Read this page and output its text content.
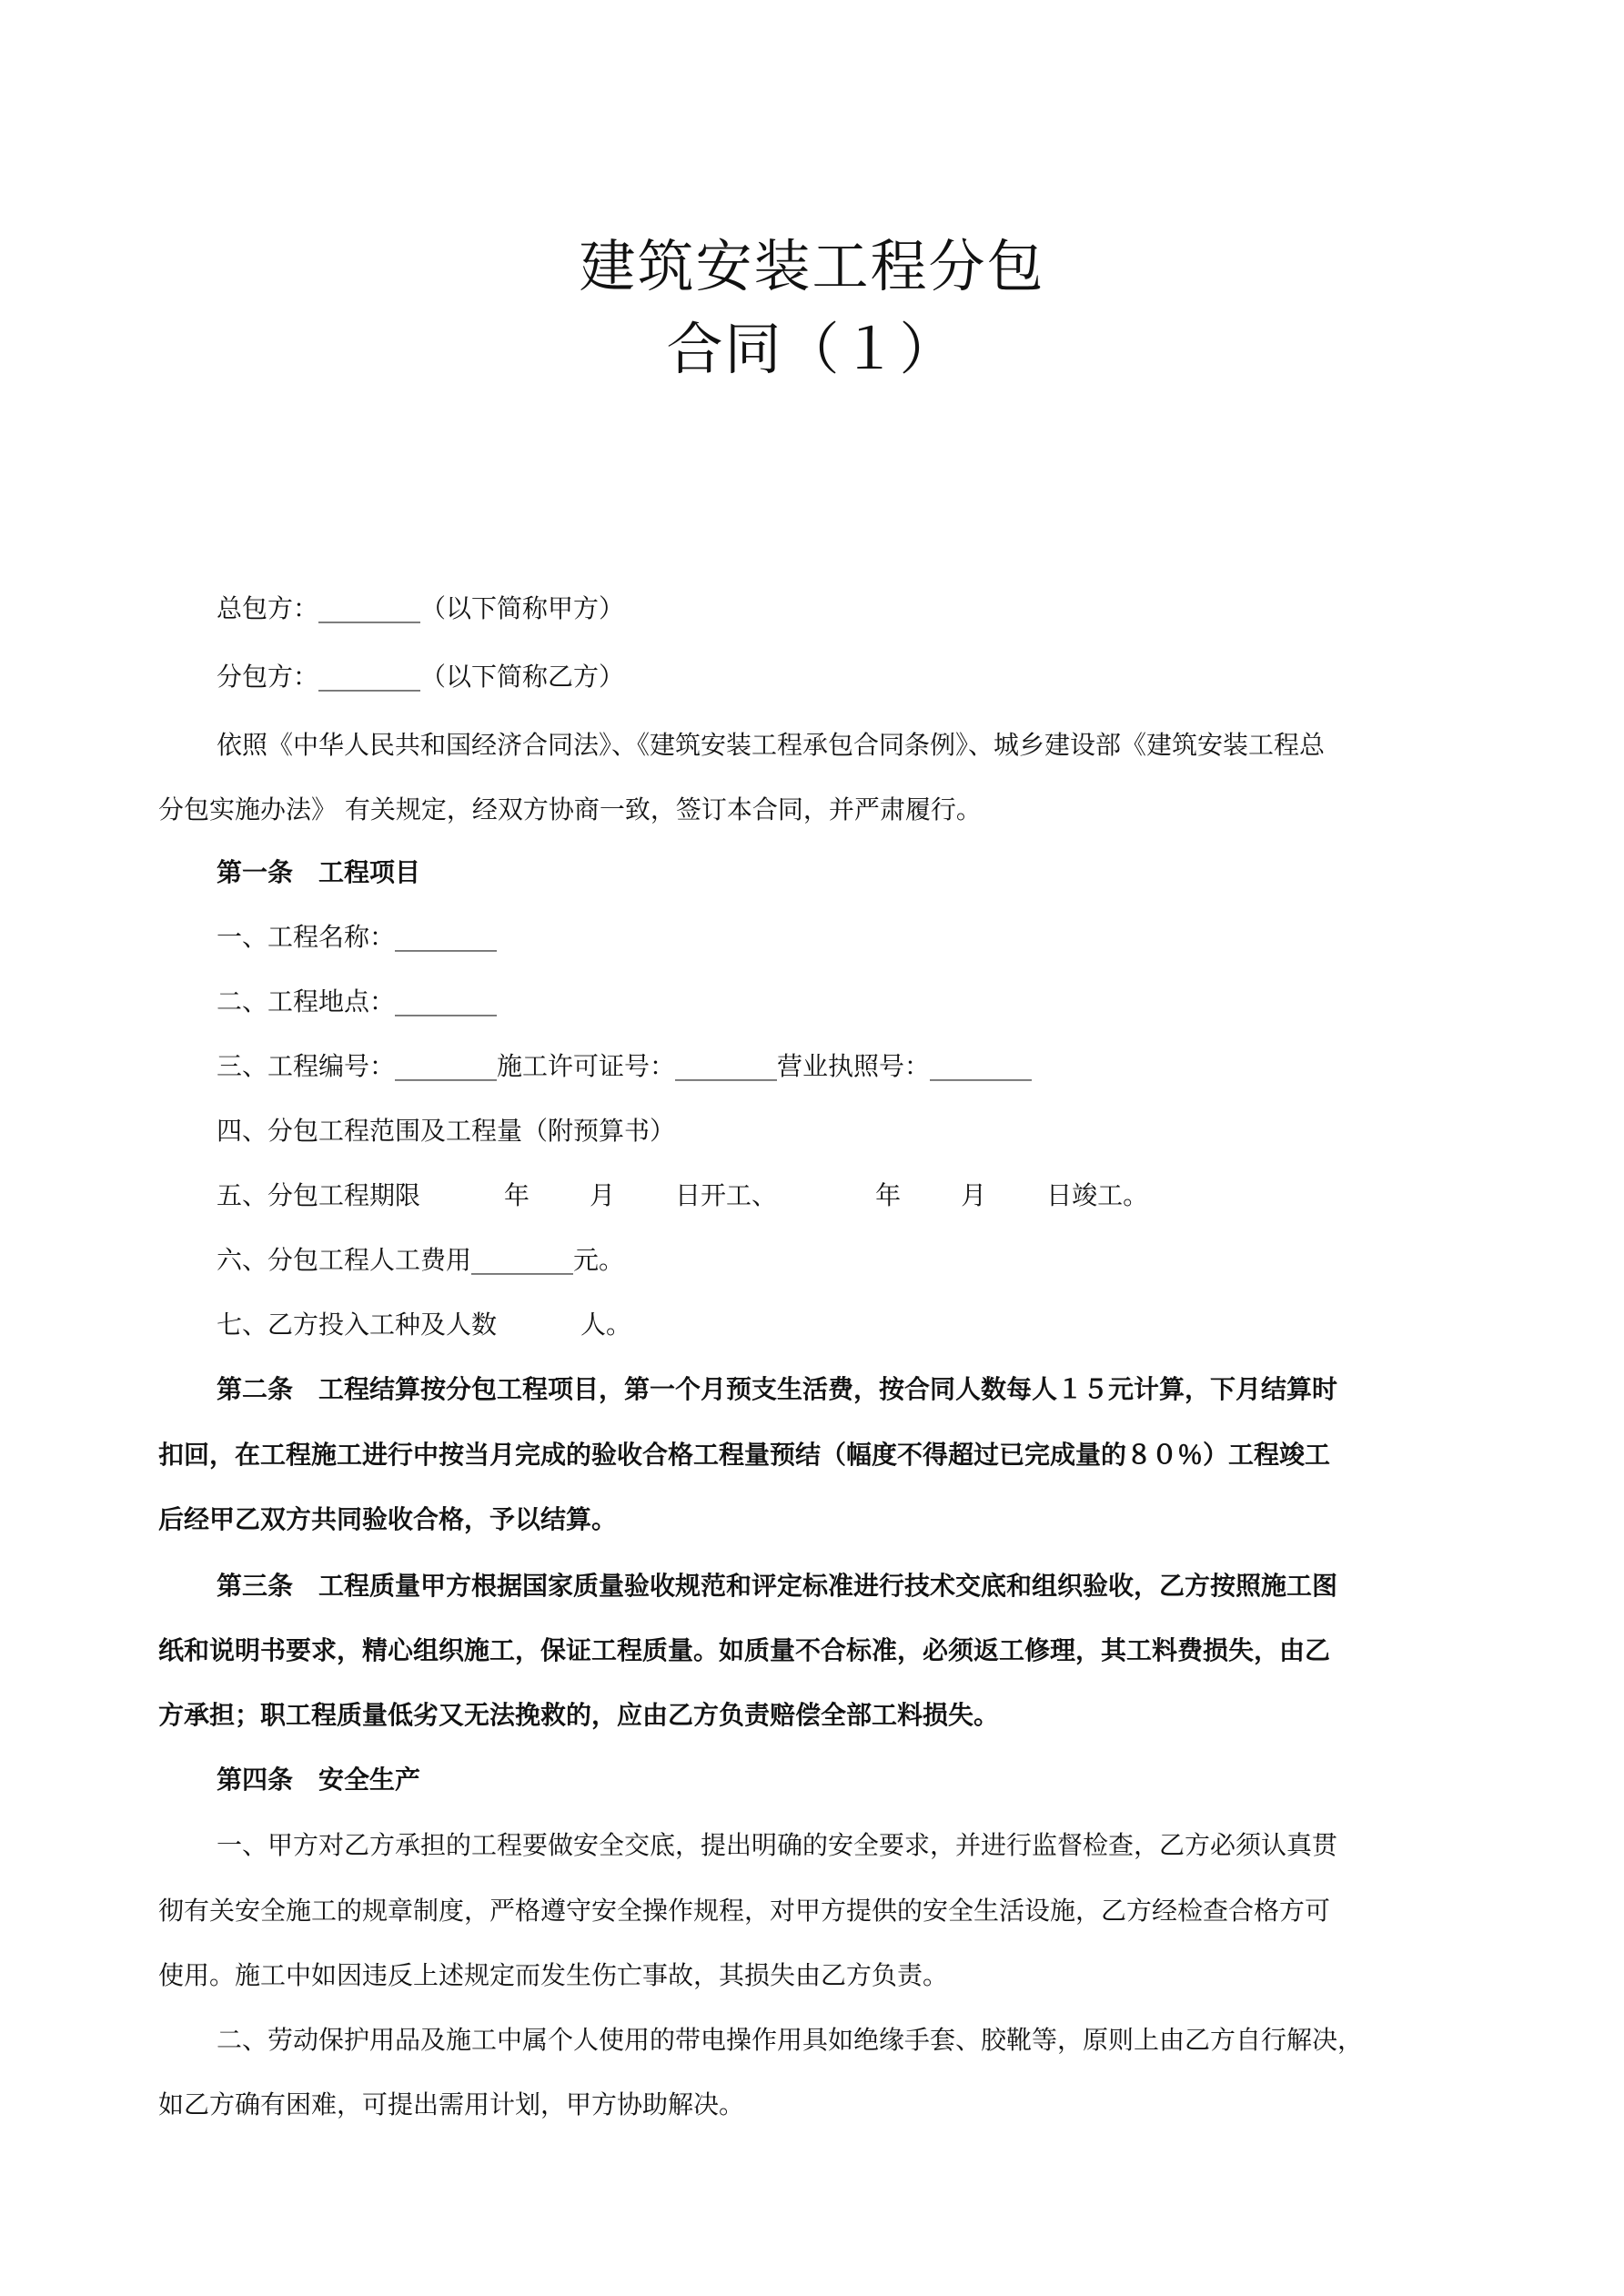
建筑安装工程分包
合同（１）
总包方：________（以下简称甲方）
分包方：________（以下简称乙方）
依照《中华人民共和国经济合同法》、《建筑安装工程承包合同条例》、城乡建设部《建筑安装工程总
分包实施办法》 有关规定，经双方协商一致，签订本合同，并严肃履行。
第一条　工程项目
一、工程名称：________
二、工程地点：________
三、工程编号：________施工许可证号：________营业执照号：________
四、分包工程范围及工程量（附预算书）
五、分包工程期限	年 月 日开工、	年 月 日竣工。
六、分包工程人工费用________元。
七、乙方投入工种及人数	人。
第二条　工程结算按分包工程项目，第一个月预支生活费，按合同人数每人１５元计算，下月结算时
扣回，在工程施工进行中按当月完成的验收合格工程量预结（幅度不得超过已完成量的８０％）工程竣工
后经甲乙双方共同验收合格，予以结算。
第三条　工程质量甲方根据国家质量验收规范和评定标准进行技术交底和组织验收，乙方按照施工图
纸和说明书要求，精心组织施工，保证工程质量。如质量不合标准，必须返工修理，其工料费损失，由乙
方承担；职工程质量低劣又无法挽救的，应由乙方负责赔偿全部工料损失。
第四条　安全生产
一、甲方对乙方承担的工程要做安全交底，提出明确的安全要求，并进行监督检查，乙方必须认真贯
彻有关安全施工的规章制度，严格遵守安全操作规程，对甲方提供的安全生活设施，乙方经检查合格方可
使用。施工中如因违反上述规定而发生伤亡事故，其损失由乙方负责。
二、劳动保护用品及施工中属个人使用的带电操作用具如绝缘手套、胶靴等，原则上由乙方自行解决，
如乙方确有困难，可提出需用计划，甲方协助解决。
